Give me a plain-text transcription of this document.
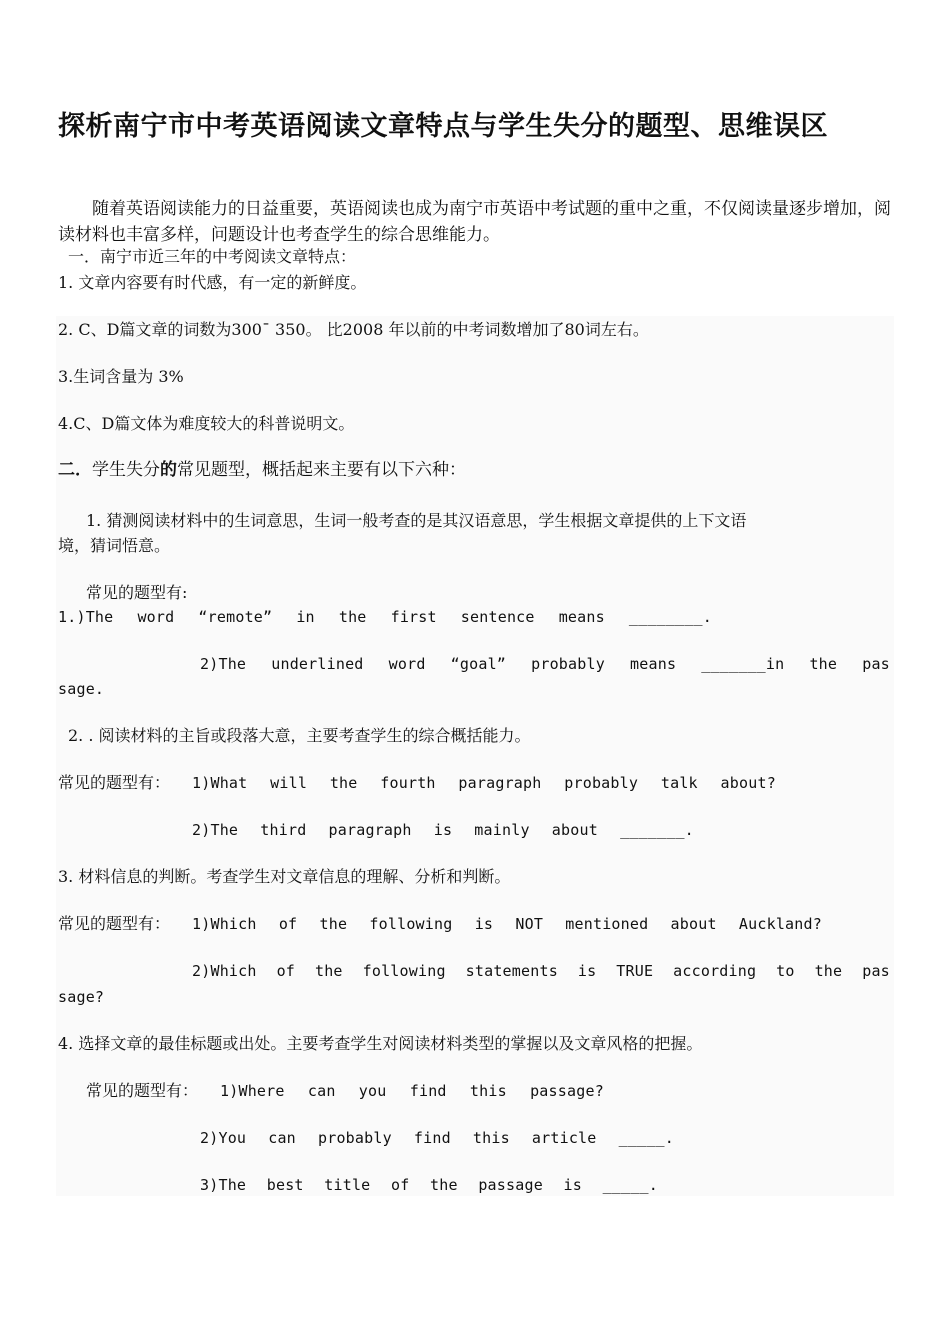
探析南宁市中考英语阅读文章特点与学生失分的题型、思维误区
随着英语阅读能力的日益重要，英语阅读也成为南宁市英语中考试题的重中之重，不仅阅读量逐步增加，阅读材料也丰富多样，问题设计也考查学生的综合思维能力。
一．南宁市近三年的中考阅读文章特点：
1. 文章内容要有时代感，有一定的新鲜度。
2. C、D篇文章的词数为300¯ 350。 比2008 年以前的中考词数增加了80词左右。
3.生词含量为 3%
4.C、D篇文体为难度较大的科普说明文。
二．学生失分的常见题型，概括起来主要有以下六种：
1. 猜测阅读材料中的生词意思，生词一般考查的是其汉语意思，学生根据文章提供的上下文语
境，猜词悟意。
常见的题型有:
1.)The word “remote” in the first sentence means ________.
2)The underlined word “goal” probably means _______in the pas
sage.
2. . 阅读材料的主旨或段落大意，主要考查学生的综合概括能力。
常见的题型有：	1)What will the fourth paragraph probably talk about?
2)The third paragraph is mainly about _______.
3. 材料信息的判断。考查学生对文章信息的理解、分析和判断。
常见的题型有：	1)Which of the following is NOT mentioned about Auckland?
2)Which of the following statements is TRUE according to the pas
sage?
4. 选择文章的最佳标题或出处。主要考查学生对阅读材料类型的掌握以及文章风格的把握。
常见的题型有：	1)Where can you find this passage?
2)You can probably find this article _____.
3)The best title of the passage is _____.
